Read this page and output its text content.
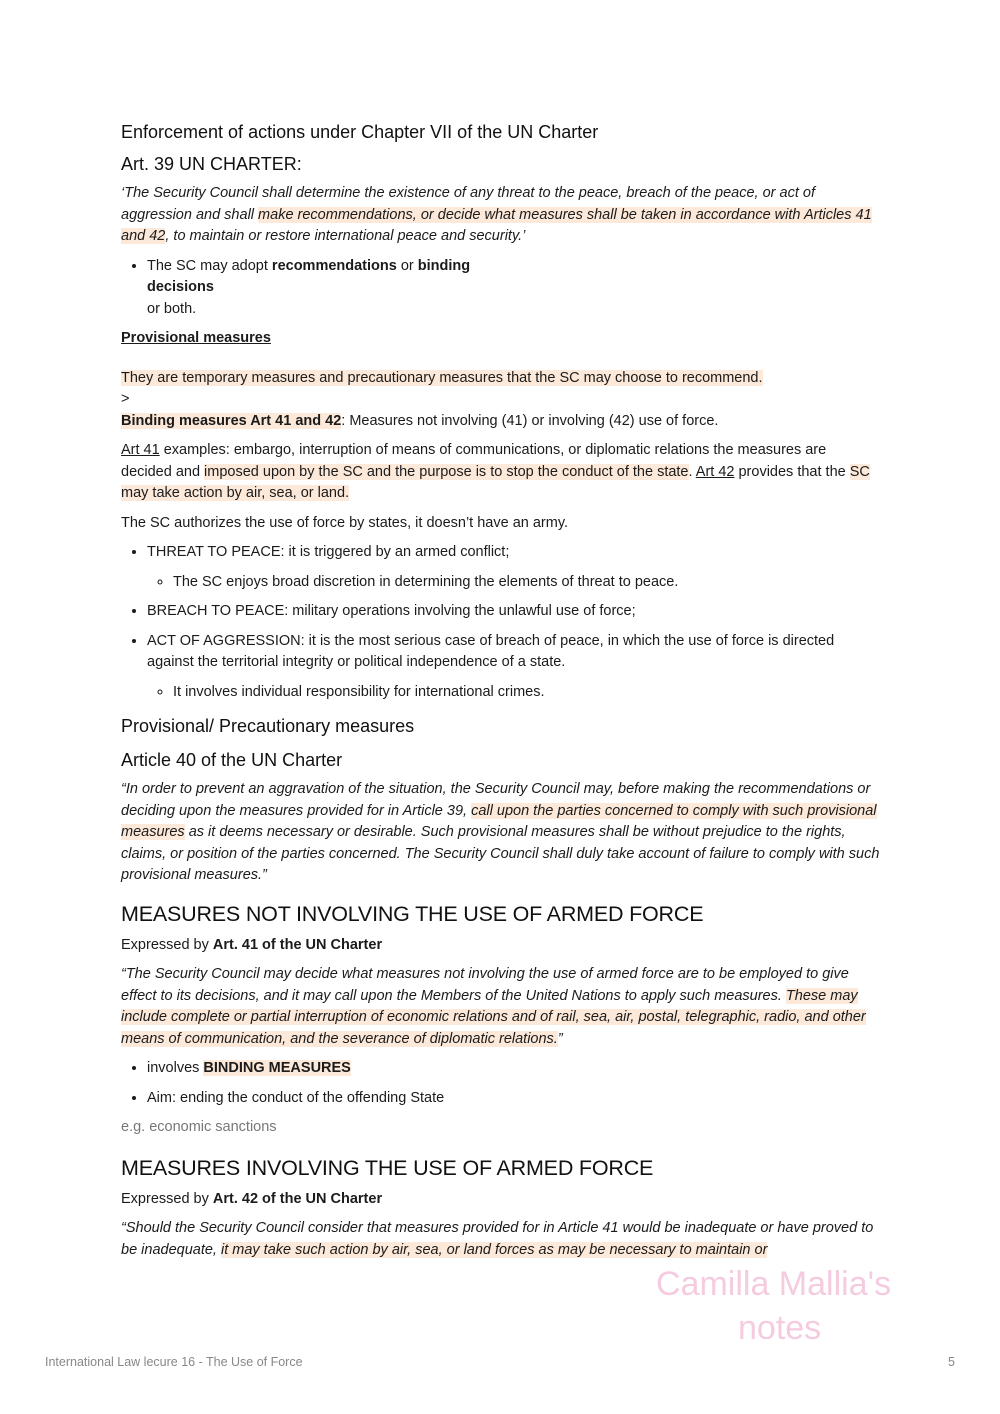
Enforcement of actions under Chapter VII of the UN Charter
Art. 39 UN CHARTER:

‘The Security Council shall determine the existence of any threat to the peace, breach of the peace, or act of aggression and shall make recommendations, or decide what measures shall be taken in accordance with Articles 41 and 42, to maintain or restore international peace and security.’

• The SC may adopt recommendations or binding
decisions
or both.

Provisional measures

They are temporary measures and precautionary measures that the SC may choose to recommend.

>

Binding measures Art 41 and 42: Measures not involving (41) or involving (42) use of force.

Art 41 examples: embargo, interruption of means of communications, or diplomatic relations the measures are decided and imposed upon by the SC and the purpose is to stop the conduct of the state. Art 42 provides that the SC may take action by air, sea, or land.

The SC authorizes the use of force by states, it doesn’t have an army.

• THREAT TO PEACE: it is triggered by an armed conflict;
◦ The SC enjoys broad discretion in determining the elements of threat to peace.
• BREACH TO PEACE: military operations involving the unlawful use of force;
• ACT OF AGGRESSION: it is the most serious case of breach of peace, in which the use of force is directed against the territorial integrity or political independence of a state.
◦ It involves individual responsibility for international crimes.
Provisional/ Precautionary measures
Article 40 of the UN Charter

“In order to prevent an aggravation of the situation, the Security Council may, before making the recommendations or deciding upon the measures provided for in Article 39, call upon the parties concerned to comply with such provisional measures as it deems necessary or desirable. Such provisional measures shall be without prejudice to the rights, claims, or position of the parties concerned. The Security Council shall duly take account of failure to comply with such provisional measures.”

MEASURES NOT INVOLVING THE USE OF ARMED FORCE

Expressed by Art. 41 of the UN Charter

“The Security Council may decide what measures not involving the use of armed force are to be employed to give effect to its decisions, and it may call upon the Members of the United Nations to apply such measures. These may include complete or partial interruption of economic relations and of rail, sea, air, postal, telegraphic, radio, and other means of communication, and the severance of diplomatic relations.”

• involves BINDING MEASURES
• Aim: ending the conduct of the offending State

e.g. economic sanctions

MEASURES INVOLVING THE USE OF ARMED FORCE

Expressed by Art. 42 of the UN Charter

“Should the Security Council consider that measures provided for in Article 41 would be inadequate or have proved to be inadequate, it may take such action by air, sea, or land forces as may be necessary to maintain or

Camilla Mallia's
notes
International Law lecure 16 - The Use of Force	5
